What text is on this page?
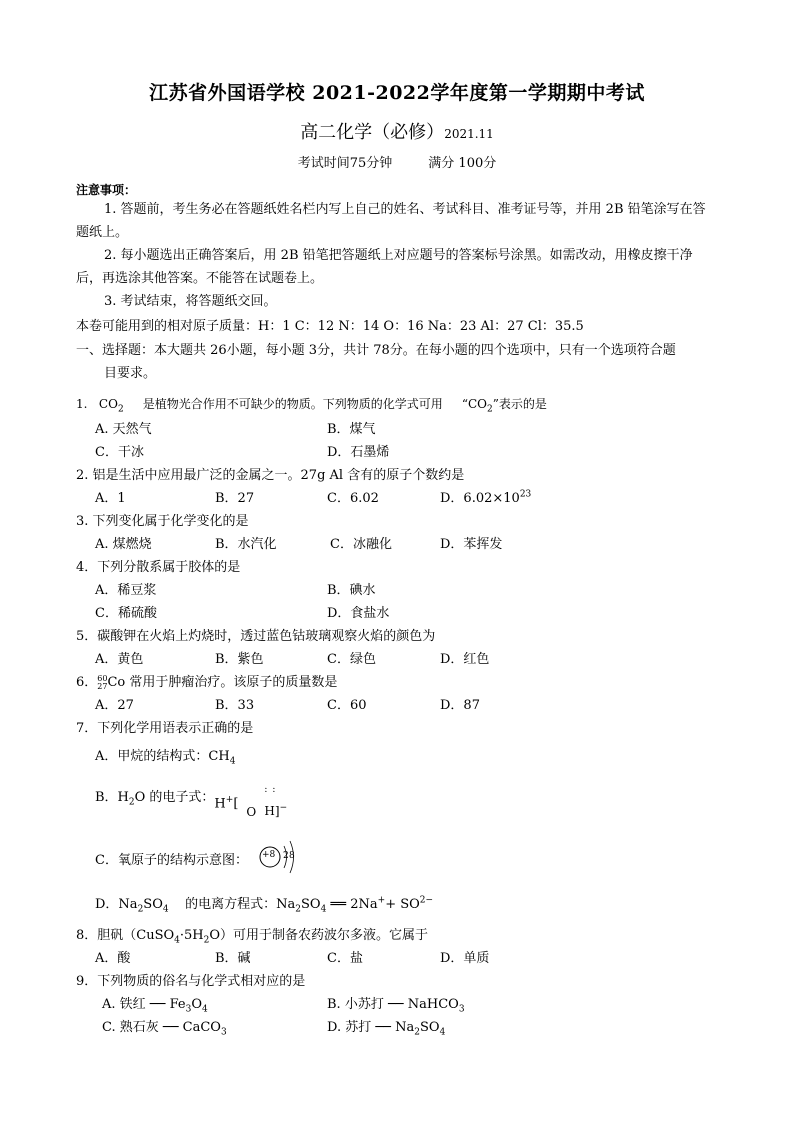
江苏省外国语学校 2021-2022学年度第一学期期中考试
高二化学（必修）2021.11
考试时间75分钟	满分 100分
注意事项：
1. 答题前，考生务必在答题纸姓名栏内写上自己的姓名、考试科目、准考证号等，并用 2B 铅笔涂写在答题纸上。
2. 每小题选出正确答案后，用 2B 铅笔把答题纸上对应题号的答案标号涂黑。如需改动，用橡皮擦干净后，再选涂其他答案。不能答在试题卷上。
3. 考试结束，将答题纸交回。
本卷可能用到的相对原子质量：H：1 C：12 N：14 O：16 Na：23 Al：27 Cl：35.5
一、选择题：本大题共 26小题，每小题 3分，共计 78分。在每小题的四个选项中，只有一个选项符合题
目要求。
1. $CO_2$ 是植物光合作用不可缺少的物质。下列物质的化学式可用 “$CO_2$”表示的是
A. 天然气	B．煤气
C．干冰	D．石墨烯
2. 铝是生活中应用最广泛的金属之一。27g Al 含有的原子个数约是
A．1	B．27	C．6.02	D．$6.02\times 10^{23}$
3. 下列变化属于化学变化的是
A. 煤燃烧	B．水汽化	C．冰融化	D．苯挥发
4．下列分散系属于胶体的是
A．稀豆浆	B．碘水
C．稀硫酸	D．食盐水
5．碳酸钾在火焰上灼烧时，透过蓝色钴玻璃观察火焰的颜色为
A．黄色	B．紫色	C．绿色	D．红色
6．60
27Co 常用于肿瘤治疗。该原子的质量数是
A．27	B．33	C．60	D．87
7．下列化学用语表示正确的是
A．甲烷的结构式：$CH_4$
B．$H_2O$ 的电子式： H+[
O
: :
H]−
C．氧原子的结构示意图： +8 2 8
D．$Na_2SO_4$ 的电离方程式：$Na_2SO_4$ ══ $2Na^++ SO^{2-}$
8．胆矾$(CuSO_4\cdot 5H_2O)$可用于制备农药波尔多液。它属于
A．酸	B．碱	C．盐	D．单质
9．下列物质的俗名与化学式相对应的是
A. 铁红 ── $Fe_3O_4$	B. 小苏打 ── NaHCO$_3$
C. 熟石灰 ── CaCO$_3$	D. 苏打 ── $Na_2SO_4$
